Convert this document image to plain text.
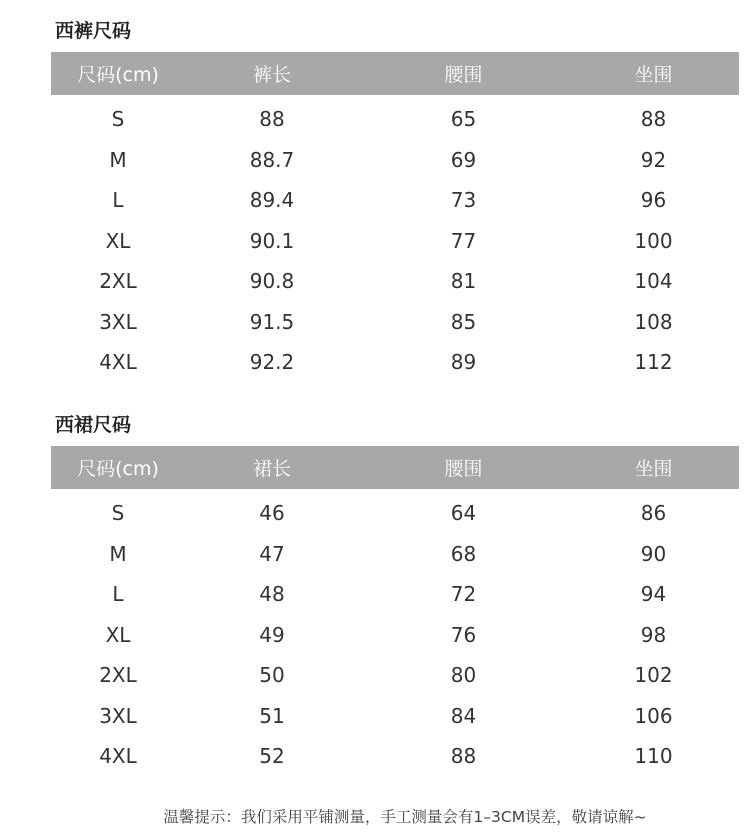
西裤尺码
尺码(cm)	裤长	腰围	坐围
S	88	65	88
M	88.7	69	92
L	89.4	73	96
XL	90.1	77	100
2XL	90.8	81	104
3XL	91.5	85	108
4XL	92.2	89	112
西裙尺码
尺码(cm)	裙长	腰围	坐围
S	46	64	86
M	47	68	90
L	48	72	94
XL	49	76	98
2XL	50	80	102
3XL	51	84	106
4XL	52	88	110

温馨提示：我们采用平铺测量，手工测量会有1–3CM误差，敬请谅解~
